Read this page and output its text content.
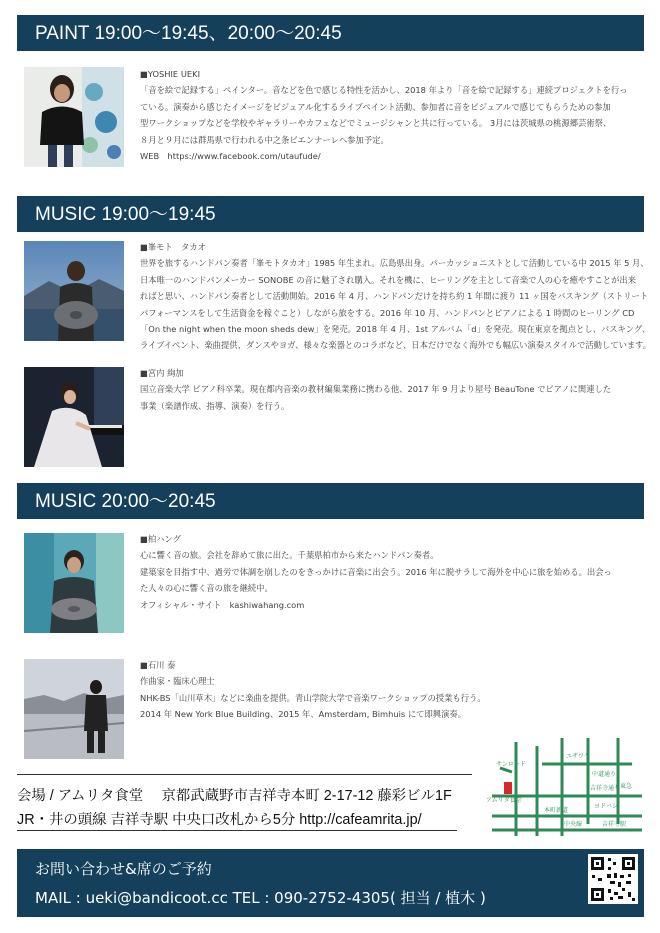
PAINT 19:00〜19:45、20:00〜20:45
■YOSHIE UEKI
「音を絵で記録する」ペインター。音などを色で感じる特性を活かし、2018 年より「音を絵で記録する」連続プロジェクトを行っ
ている。演奏から感じたイメージをビジュアル化するライブペイント活動、参加者に音をビジュアルで感じてもらうための参加
型ワークショップなどを学校やギャラリーやカフェなどでミュージシャンと共に行っている。 3月には茨城県の桃源郷芸術祭、
８月と９月には群馬県で行われる中之条ビエンナーレへ参加予定。
WEB　https://www.facebook.com/utaufude/
MUSIC 19:00〜19:45
■峯モト　タカオ
世界を旅するハンドパン奏者「峯モトタカオ」1985 年生まれ。広島県出身。パーカッショニストとして活動している中 2015 年 5 月、
日本唯一のハンドパンメーカー SONOBE の音に魅了され購入。それを機に、ヒーリングを主として音楽で人の心を癒やすことが出来
ればと思い、ハンドパン奏者として活動開始。2016 年 4 月、ハンドパンだけを持ち約 1 年間に渡り 11 ヶ国をバスキング（ストリート
パフォーマンスをして生活資金を稼ぐこと）しながら旅をする。2016 年 10 月、ハンドパンとピアノによる 1 時間のヒーリング CD
「On the night when the moon sheds dew」を発売。2018 年 4 月、1st アルバム「d」を発売。現在東京を拠点とし、バスキング、
ライブイベント、楽曲提供、ダンスやヨガ、様々な楽器とのコラボなど、日本だけでなく海外でも幅広い演奏スタイルで活動しています。
■宮内 絢加
国立音楽大学 ピアノ科卒業。現在都内音楽の教材編集業務に携わる他、2017 年 9 月より屋号 BeauTone でピアノに関連した
事業（楽譜作成、指導、演奏）を行う。
MUSIC 20:00〜20:45
■柏ハング
心に響く音の旅。会社を辞めて旅に出た。千葉県柏市から来たハンドパン奏者。
建築家を目指す中、過労で体調を崩したのをきっかけに音楽に出会う。2016 年に脱サラして海外を中心に旅を始める。出会っ
た人々の心に響く音の旅を継続中。
オフィシャル・サイト　kashiwahang.com
■石川 泰
作曲家・臨床心理士
NHK-BS「山川草木」などに楽曲を提供。青山学院大学で音楽ワークショップの授業も行う。
2014 年 New York Blue Building、2015 年、Amsterdam, Bimhuis にて即興演奏。
会場 / アムリタ食堂　 京都武蔵野市吉祥寺本町 2-17-12 藤彩ビル1F
JR・井の頭線 吉祥寺駅 中央口改札から5分 http://cafeamrita.jp/
サンロード
ユザワヤ
中道通り
アムリタ食堂
本町新道
吉祥寺通り 東急
ヨドバシ
中央線	吉祥寺駅
お問い合わせ&席のご予約
MAIL : ueki@bandicoot.cc TEL : 090-2752-4305( 担当 / 植木 )
